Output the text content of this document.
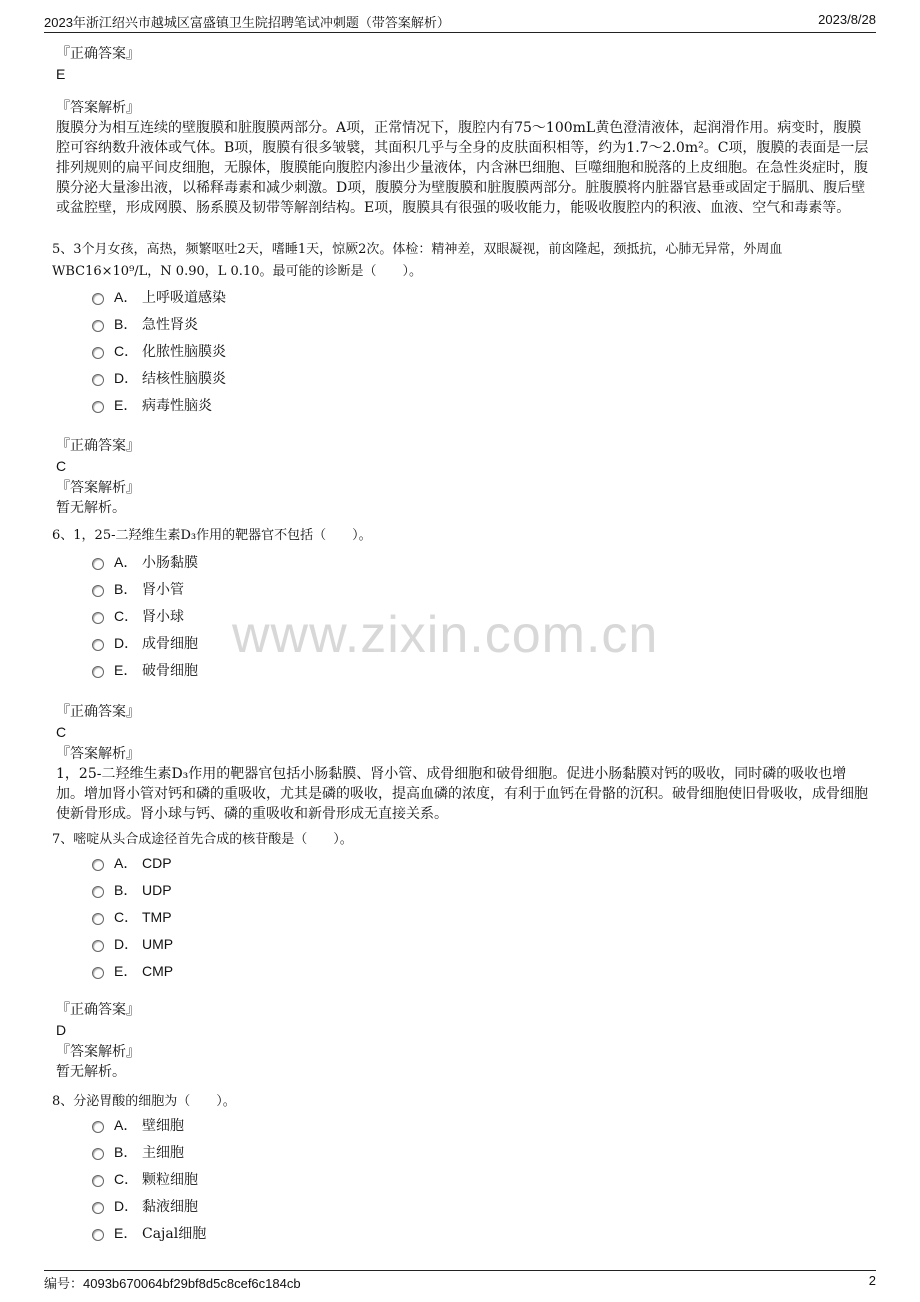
2023年浙江绍兴市越城区富盛镇卫生院招聘笔试冲刺题（带答案解析）	2023/8/28
www.zixin.com.cn
『正确答案』
E
『答案解析』
腹膜分为相互连续的壁腹膜和脏腹膜两部分。A项，正常情况下，腹腔内有75～100mL黄色澄清液体，起润滑作用。病变时，腹膜腔可容纳数升液体或气体。B项，腹膜有很多皱襞，其面积几乎与全身的皮肤面积相等，约为1.7～2.0m²。C项，腹膜的表面是一层排列规则的扁平间皮细胞，无腺体，腹膜能向腹腔内渗出少量液体，内含淋巴细胞、巨噬细胞和脱落的上皮细胞。在急性炎症时，腹膜分泌大量渗出液，以稀释毒素和减少刺激。D项，腹膜分为壁腹膜和脏腹膜两部分。脏腹膜将内脏器官悬垂或固定于膈肌、腹后壁或盆腔壁，形成网膜、肠系膜及韧带等解剖结构。E项，腹膜具有很强的吸收能力，能吸收腹腔内的积液、血液、空气和毒素等。
5、3个月女孩，高热，频繁呕吐2天，嗜睡1天，惊厥2次。体检：精神差，双眼凝视，前囟隆起，颈抵抗，心肺无异常，外周血WBC16×10⁹/L，N 0.90，L 0.10。最可能的诊断是（　　）。
A． 上呼吸道感染
B． 急性肾炎
C． 化脓性脑膜炎
D． 结核性脑膜炎
E． 病毒性脑炎
『正确答案』
C
『答案解析』
暂无解析。
6、1，25-二羟维生素D₃作用的靶器官不包括（　　）。
A． 小肠黏膜
B． 肾小管
C． 肾小球
D． 成骨细胞
E． 破骨细胞
『正确答案』
C
『答案解析』
1，25-二羟维生素D₃作用的靶器官包括小肠黏膜、肾小管、成骨细胞和破骨细胞。促进小肠黏膜对钙的吸收，同时磷的吸收也增加。增加肾小管对钙和磷的重吸收，尤其是磷的吸收，提高血磷的浓度，有利于血钙在骨骼的沉积。破骨细胞使旧骨吸收，成骨细胞使新骨形成。肾小球与钙、磷的重吸收和新骨形成无直接关系。
7、嘧啶从头合成途径首先合成的核苷酸是（　　）。
A． CDP
B． UDP
C． TMP
D． UMP
E． CMP
『正确答案』
D
『答案解析』
暂无解析。
8、分泌胃酸的细胞为（　　）。
A． 壁细胞
B． 主细胞
C． 颗粒细胞
D． 黏液细胞
E． Cajal细胞
编号：4093b670064bf29bf8d5c8cef6c184cb	2
